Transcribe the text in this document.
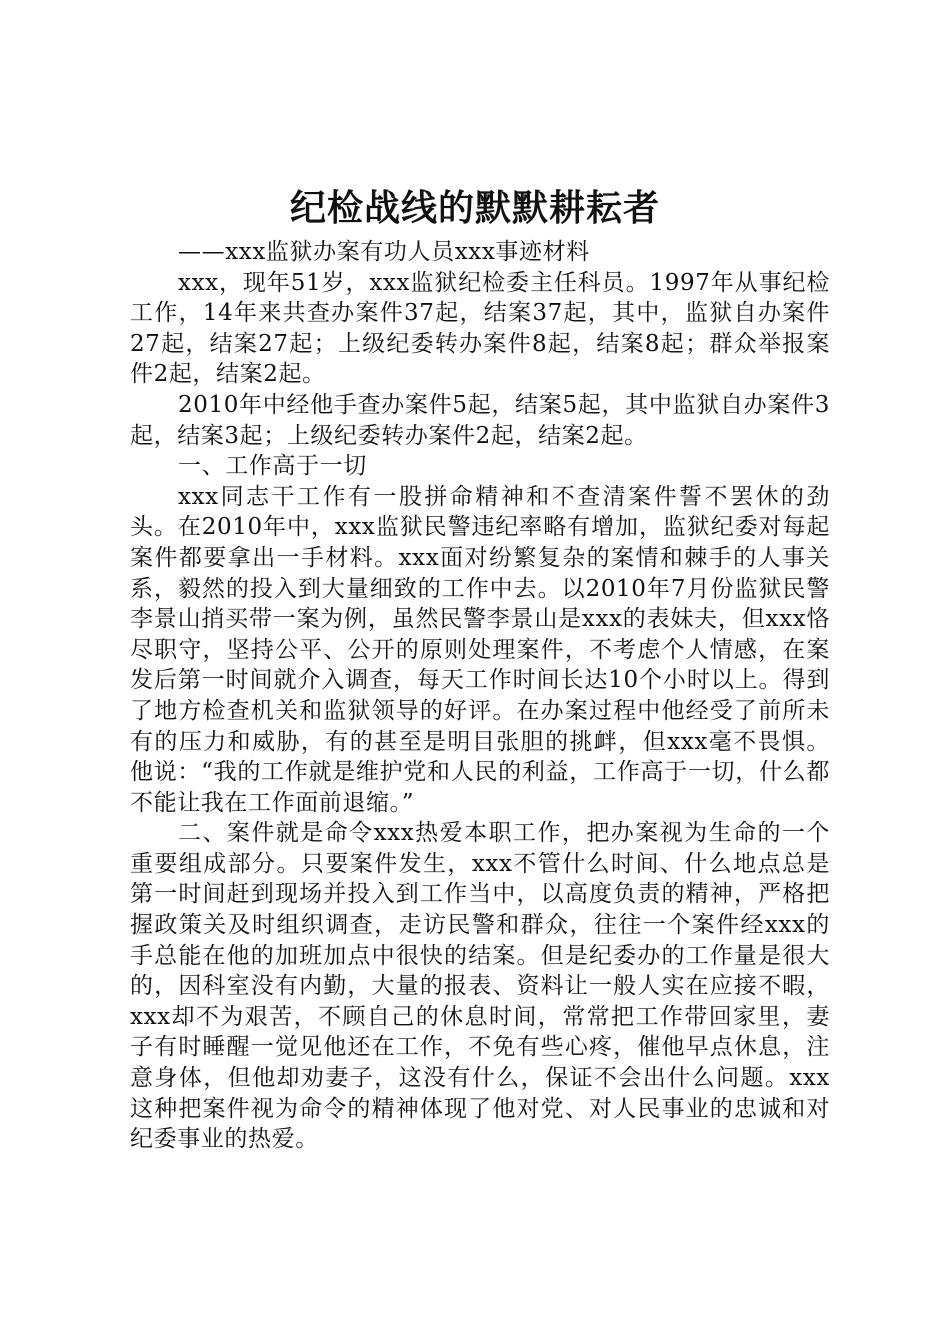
纪检战线的默默耕耘者

——xxx监狱办案有功人员xxx事迹材料

xxx，现年51岁，xxx监狱纪检委主任科员。1997年从事纪检工作，14年来共查办案件37起，结案37起，其中，监狱自办案件27起，结案27起；上级纪委转办案件8起，结案8起；群众举报案件2起，结案2起。

2010年中经他手查办案件5起，结案5起，其中监狱自办案件3起，结案3起；上级纪委转办案件2起，结案2起。

一、工作高于一切

xxx同志干工作有一股拼命精神和不查清案件誓不罢休的劲头。在2010年中，xxx监狱民警违纪率略有增加，监狱纪委对每起案件都要拿出一手材料。xxx面对纷繁复杂的案情和棘手的人事关系，毅然的投入到大量细致的工作中去。以2010年7月份监狱民警李景山捎买带一案为例，虽然民警李景山是xxx的表妹夫，但xxx恪尽职守，坚持公平、公开的原则处理案件，不考虑个人情感，在案发后第一时间就介入调查，每天工作时间长达10个小时以上。得到了地方检查机关和监狱领导的好评。在办案过程中他经受了前所未有的压力和威胁，有的甚至是明目张胆的挑衅，但xxx毫不畏惧。他说：“我的工作就是维护党和人民的利益，工作高于一切，什么都不能让我在工作面前退缩。”

二、案件就是命令xxx热爱本职工作，把办案视为生命的一个重要组成部分。只要案件发生，xxx不管什么时间、什么地点总是第一时间赶到现场并投入到工作当中，以高度负责的精神，严格把握政策关及时组织调查，走访民警和群众，往往一个案件经xxx的手总能在他的加班加点中很快的结案。但是纪委办的工作量是很大的，因科室没有内勤，大量的报表、资料让一般人实在应接不暇，xxx却不为艰苦，不顾自己的休息时间，常常把工作带回家里，妻子有时睡醒一觉见他还在工作，不免有些心疼，催他早点休息，注意身体，但他却劝妻子，这没有什么，保证不会出什么问题。xxx这种把案件视为命令的精神体现了他对党、对人民事业的忠诚和对纪委事业的热爱。
